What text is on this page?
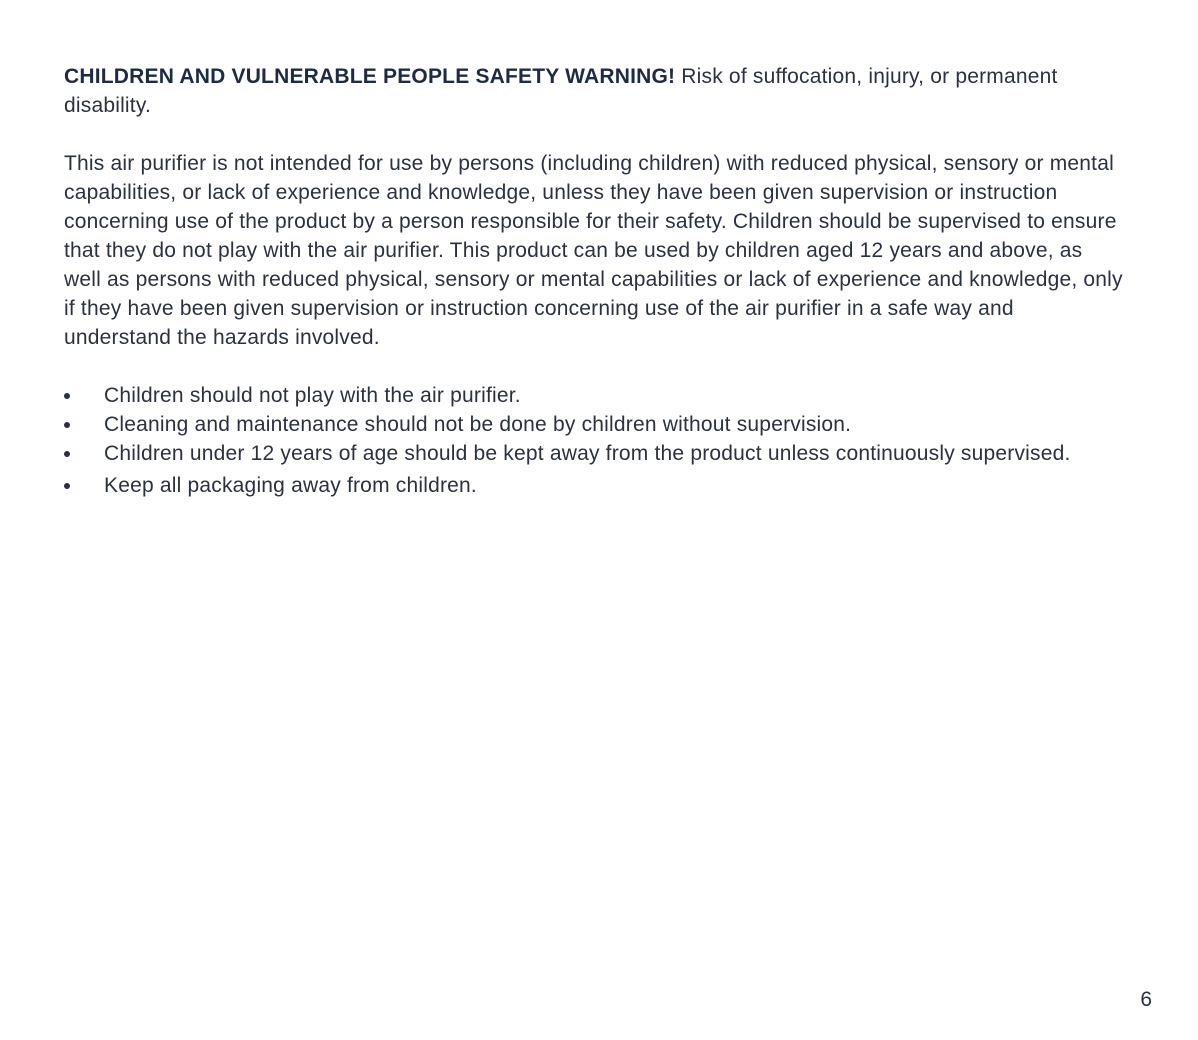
CHILDREN AND VULNERABLE PEOPLE SAFETY WARNING! Risk of suffocation, injury, or permanent disability.

This air purifier is not intended for use by persons (including children) with reduced physical, sensory or mental capabilities, or lack of experience and knowledge, unless they have been given supervision or instruction concerning use of the product by a person responsible for their safety. Children should be supervised to ensure that they do not play with the air purifier. This product can be used by children aged 12 years and above, as well as persons with reduced physical, sensory or mental capabilities or lack of experience and knowledge, only if they have been given supervision or instruction concerning use of the air purifier in a safe way and understand the hazards involved.

Children should not play with the air purifier.
Cleaning and maintenance should not be done by children without supervision.
Children under 12 years of age should be kept away from the product unless continuously supervised.
Keep all packaging away from children.
6
